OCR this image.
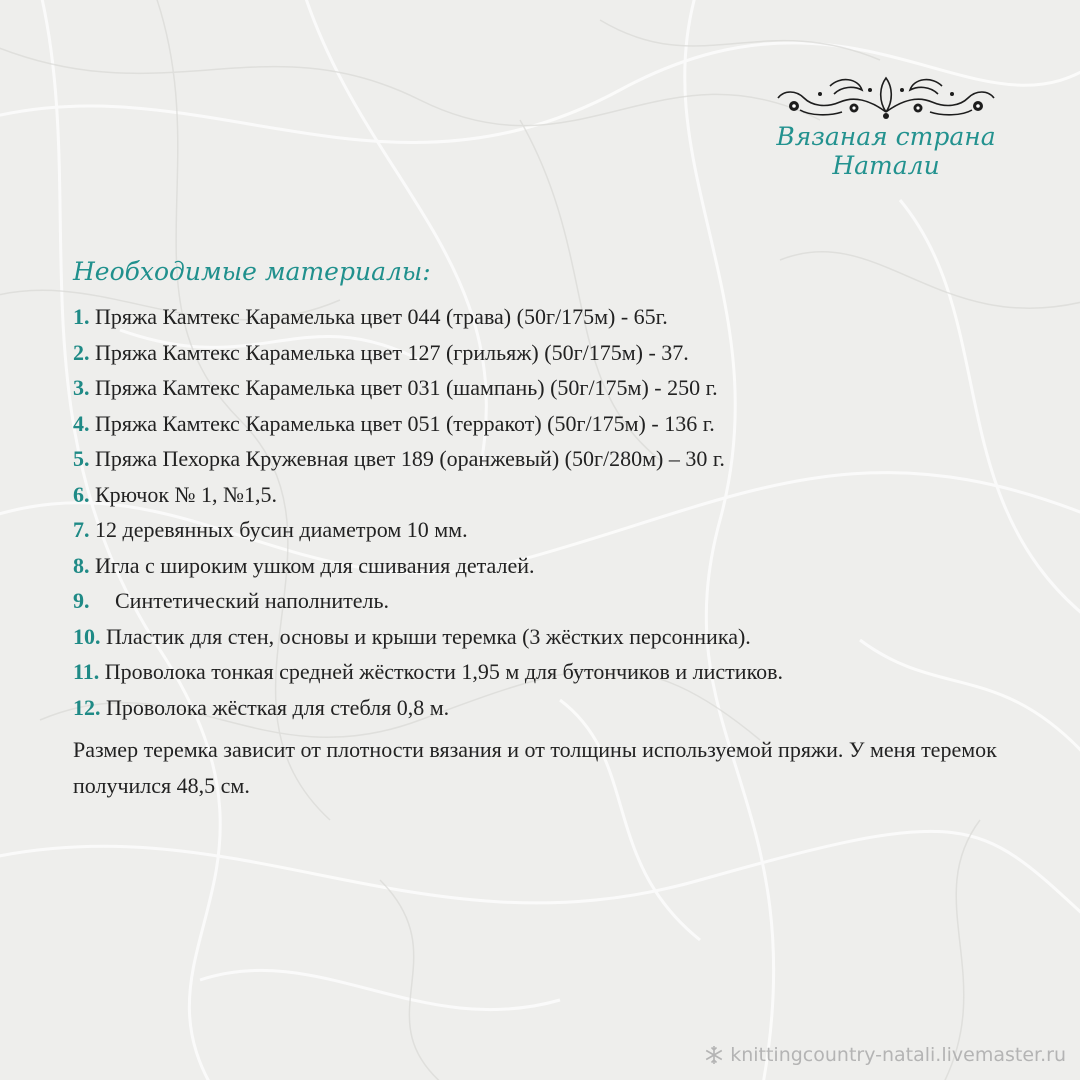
Вязаная страна
Натали
Необходимые материалы:
1. Пряжа Камтекс Карамелька цвет 044 (трава) (50г/175м) - 65г.
2. Пряжа Камтекс Карамелька цвет 127 (грильяж) (50г/175м) - 37.
3. Пряжа Камтекс Карамелька цвет 031 (шампань) (50г/175м) - 250 г.
4. Пряжа Камтекс Карамелька цвет 051 (терракот) (50г/175м) - 136 г.
5. Пряжа Пехорка Кружевная цвет 189 (оранжевый) (50г/280м) – 30 г.
6. Крючок № 1, №1,5.
7. 12 деревянных бусин диаметром 10 мм.
8. Игла с широким ушком для сшивания деталей.
9. Синтетический наполнитель.
10. Пластик для стен, основы и крыши теремка (3 жёстких персонника).
11. Проволока тонкая средней жёсткости 1,95 м для бутончиков и листиков.
12. Проволока жёсткая для стебля 0,8 м.

Размер теремка зависит от плотности вязания и от толщины используемой пряжи. У меня теремок получился 48,5 см.

knittingcountry-natali.livemaster.ru
